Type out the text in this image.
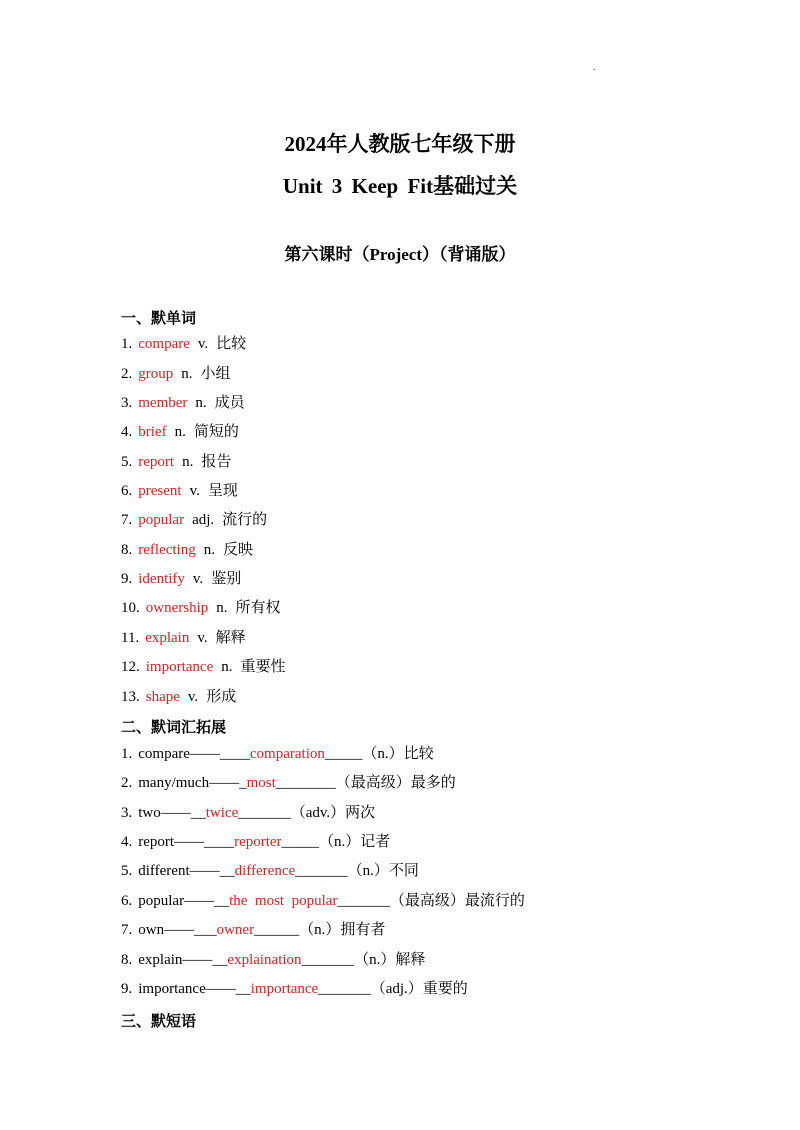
.
2024年人教版七年级下册
Unit 3 Keep Fit基础过关
第六课时（Project）（背诵版）
一、默单词
1. compare v. 比较
2. group n. 小组
3. member n. 成员
4. brief n. 简短的
5. report n. 报告
6. present v. 呈现
7. popular adj. 流行的
8. reflecting n. 反映
9. identify v. 鉴别
10. ownership n. 所有权
11. explain v. 解释
12. importance n. 重要性
13. shape v. 形成
二、默词汇拓展
1. compare——____comparation_____（n.）比较
2. many/much——_most________（最高级）最多的
3. two——__twice_______（adv.）两次
4. report——____reporter_____（n.）记者
5. different——__difference_______（n.）不同
6. popular——__the  most  popular_______（最高级）最流行的
7. own——___owner______（n.）拥有者
8. explain——__explaination_______（n.）解释
9. importance——__importance_______（adj.）重要的
三、默短语
